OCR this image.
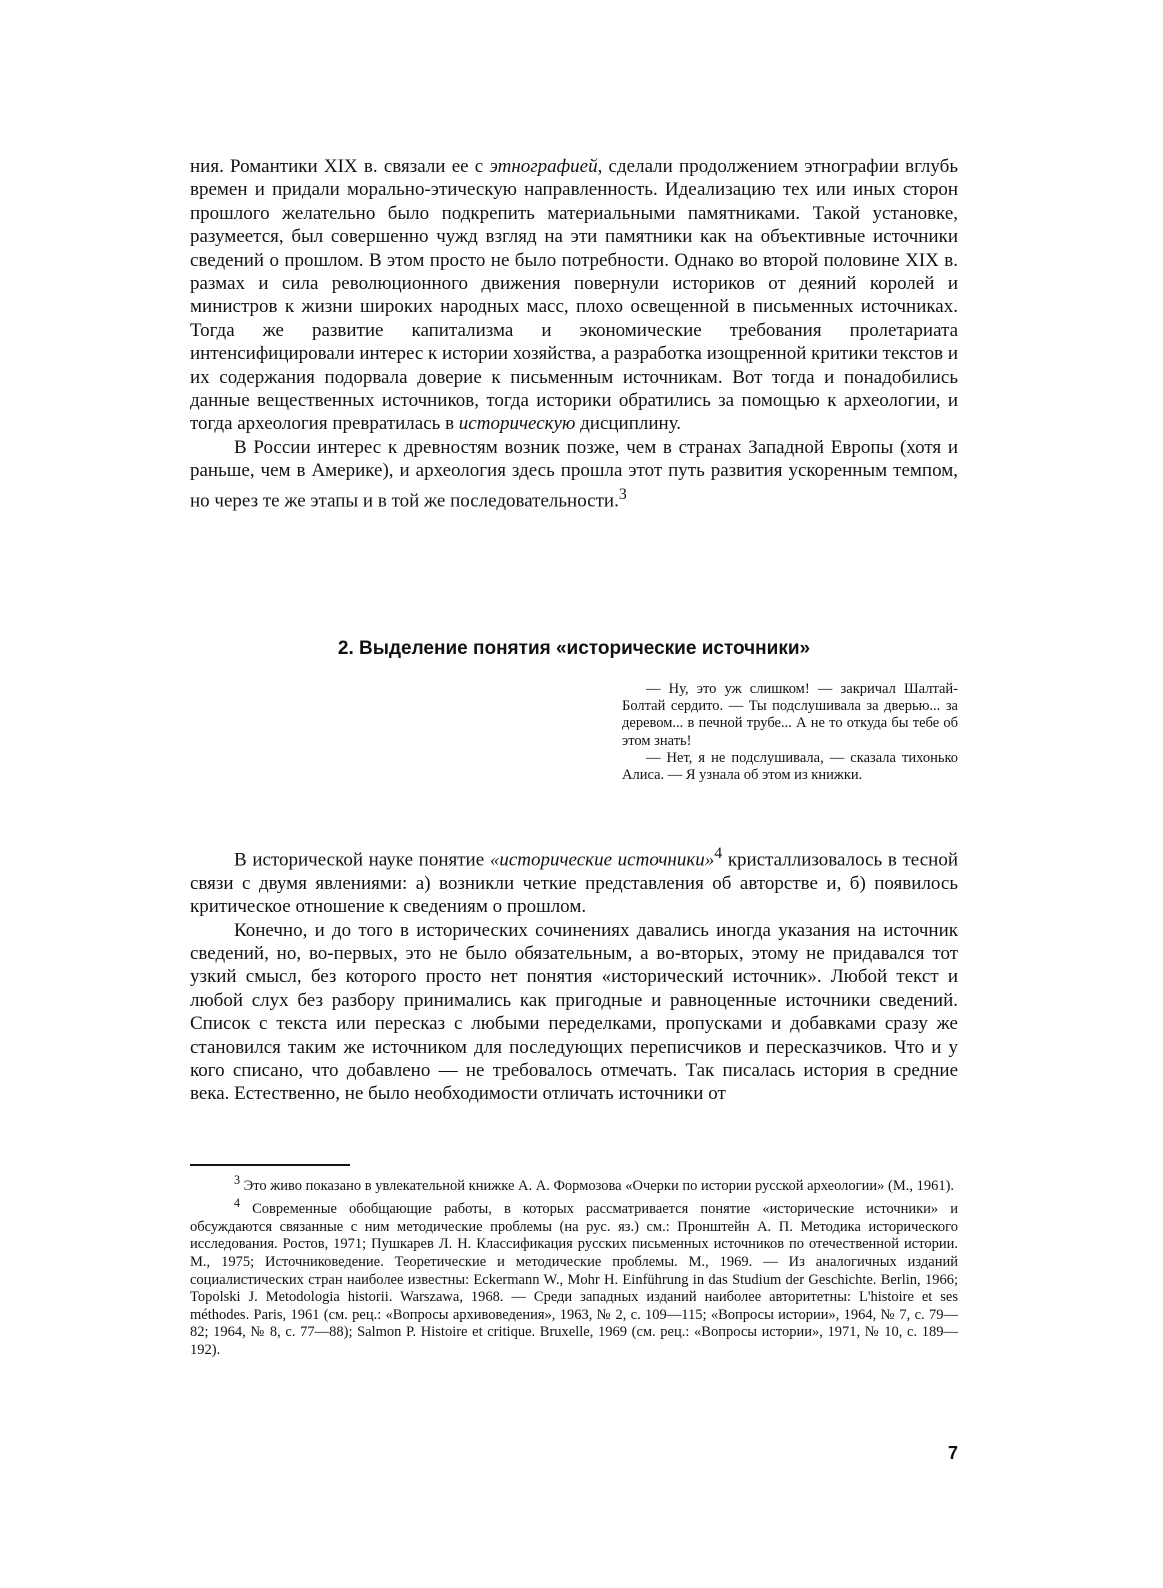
ния. Романтики XIX в. связали ее с этнографией, сделали продолжением этнографии вглубь времен и придали морально-этическую направленность. Идеализацию тех или иных сторон прошлого желательно было подкрепить материальными памятниками. Такой установке, разумеется, был совершенно чужд взгляд на эти памятники как на объективные источники сведений о прошлом. В этом просто не было потребности. Однако во второй половине XIX в. размах и сила революционного движения повернули историков от деяний королей и министров к жизни широких народных масс, плохо освещенной в письменных источниках. Тогда же развитие капитализма и экономические требования пролетариата интенсифицировали интерес к истории хозяйства, а разработка изощренной критики текстов и их содержания подорвала доверие к письменным источникам. Вот тогда и понадобились данные вещественных источников, тогда историки обратились за помощью к археологии, и тогда археология превратилась в историческую дисциплину.

В России интерес к древностям возник позже, чем в странах Западной Европы (хотя и раньше, чем в Америке), и археология здесь прошла этот путь развития ускоренным темпом, но через те же этапы и в той же последовательности.$^3$

2. Выделение понятия «исторические источники»

— Ну, это уж слишком! — закричал Шалтай-Болтай сердито. — Ты подслушивала за дверью... за деревом... в печной трубе... А не то откуда бы тебе об этом знать!

— Нет, я не подслушивала, — сказала тихонько Алиса. — Я узнала об этом из книжки.

В исторической науке понятие «исторические источники»$^4$ кристаллизовалось в тесной связи с двумя явлениями: а) возникли четкие представления об авторстве и, б) появилось критическое отношение к сведениям о прошлом.

Конечно, и до того в исторических сочинениях давались иногда указания на источник сведений, но, во-первых, это не было обязательным, а во-вторых, этому не придавался тот узкий смысл, без которого просто нет понятия «исторический источник». Любой текст и любой слух без разбору принимались как пригодные и равноценные источники сведений. Список с текста или пересказ с любыми переделками, пропусками и добавками сразу же становился таким же источником для последующих переписчиков и пересказчиков. Что и у кого списано, что добавлено — не требовалось отмечать. Так писалась история в средние века. Естественно, не было необходимости отличать источники от

$^3$ Это живо показано в увлекательной книжке А. А. Формозова «Очерки по истории русской археологии» (М., 1961).

$^4$ Современные обобщающие работы, в которых рассматривается понятие «исторические источники» и обсуждаются связанные с ним методические проблемы (на рус. яз.) см.: Пронштейн А. П. Методика исторического исследования. Ростов, 1971; Пушкарев Л. Н. Классификация русских письменных источников по отечественной истории. М., 1975; Источниковедение. Теоретические и методические проблемы. М., 1969. — Из аналогичных изданий социалистических стран наиболее известны: Eckermann W., Mohr H. Einführung in das Studium der Geschichte. Berlin, 1966; Topolski J. Metodologia historii. Warszawa, 1968. — Среди западных изданий наиболее авторитетны: L'histoire et ses méthodes. Paris, 1961 (см. рец.: «Вопросы архивоведения», 1963, № 2, с. 109—115; «Вопросы истории», 1964, № 7, с. 79—82; 1964, № 8, с. 77—88); Salmon P. Histoire et critique. Bruxelle, 1969 (см. рец.: «Вопросы истории», 1971, № 10, с. 189—192).

7
